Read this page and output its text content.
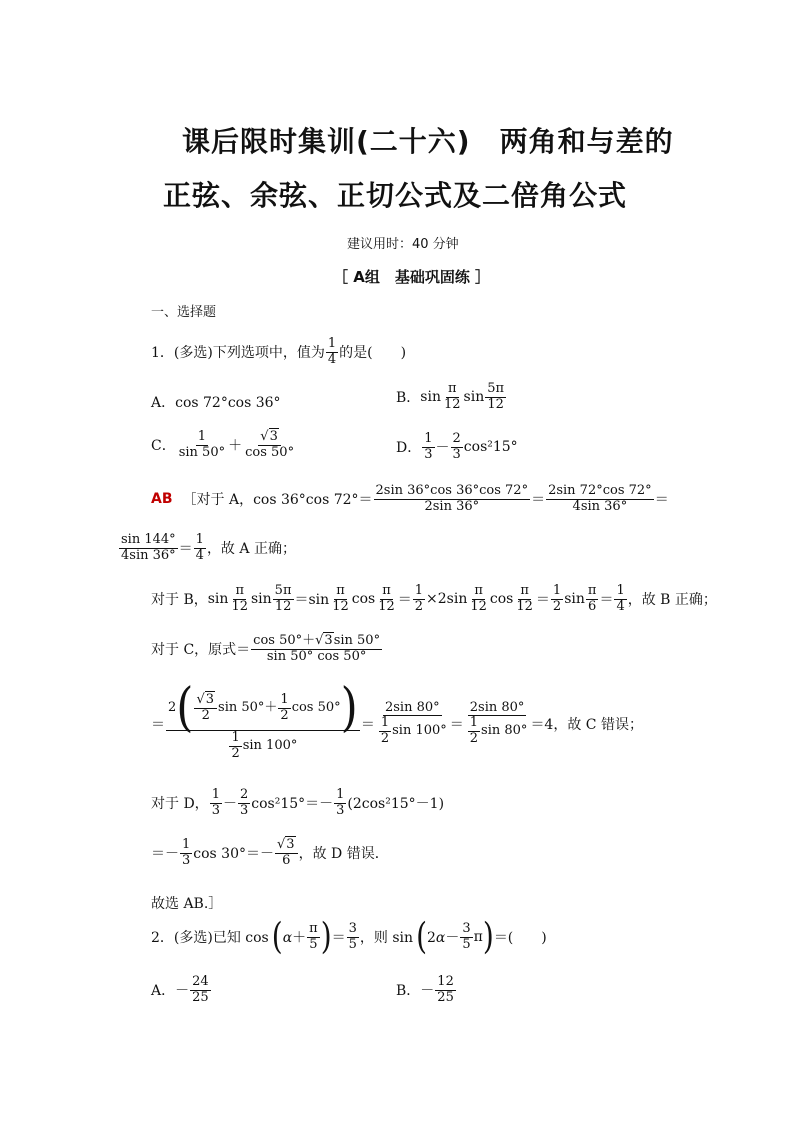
课后限时集训(二十六)　两角和与差的
正弦、余弦、正切公式及二倍角公式
建议用时：40 分钟
［ A组　基础巩固练 ］
一、选择题
1．(多选)下列选项中，值为 $\frac{1}{4}$ 的是(　　)
A．cos 72°cos 36°	B． $\sin \frac{\pi}{12}$ $\sin \frac{5\pi}{12}$
C． $\frac{1}{\sin 50^\circ} + \frac{√3}{\cos 50^\circ}$	D． $\frac{1}{3} - \frac{2}{3} \cos^215^\circ$
AB ［对于 A，cos 36°cos $72^\circ= \frac{2\sin 36^\circ\cos 36^\circ\cos 72^\circ}{2\sin 36^\circ} = \frac{2\sin 72^\circ\cos 72^\circ}{4\sin 36^\circ}$ ＝
$\frac{\sin 144^\circ}{4\sin 36^\circ} = \frac{1}{4}$ ，故 A 正确；
对于 B， $\sin \frac{\pi}{12}$ $\sin \frac{5\pi}{12} =\sin \frac{\pi}{12}$ $\cos \frac{\pi}{12} = \frac{1}{2} \times 2\sin \frac{\pi}{12}$ $\cos \frac{\pi}{12} = \frac{1}{2}$ $\sin \frac{\pi}{6} = \frac{1}{4}$ ，故 B 正确；
对于 C，原式＝ $\frac{\cos 50^\circ+√3\sin 50^\circ}{\sin 50^\circ \cos 50^\circ}$
＝ $\frac{2 ( \frac{√3}{2} \sin 50^\circ+ \frac{1}{2} \cos 50^\circ )}{\frac{1}{2} \sin 100^\circ} = \frac{2\sin 80^\circ}{\frac{1}{2} \sin 100^\circ} = \frac{2\sin 80^\circ}{\frac{1}{2} \sin 80^\circ} =4$，故 C 错误；
对于 D， $\frac{1}{3} - \frac{2}{3} \cos^215^\circ=- \frac{1}{3} (2\cos^215^\circ-1)$
＝－ $\frac{1}{3}$ $\cos 30^\circ=- \frac{√3}{6}$ ，故 D 错误．
故选 AB.］
2．(多选)已知 cos ( $\alpha+ \frac{\pi}{5}$ ) ＝ $\frac{3}{5}$ ，则 sin ( $2\alpha- \frac{3}{5}$ π ) ＝(　　)
A．－ $\frac{24}{25}$	B．－ $\frac{12}{25}$
